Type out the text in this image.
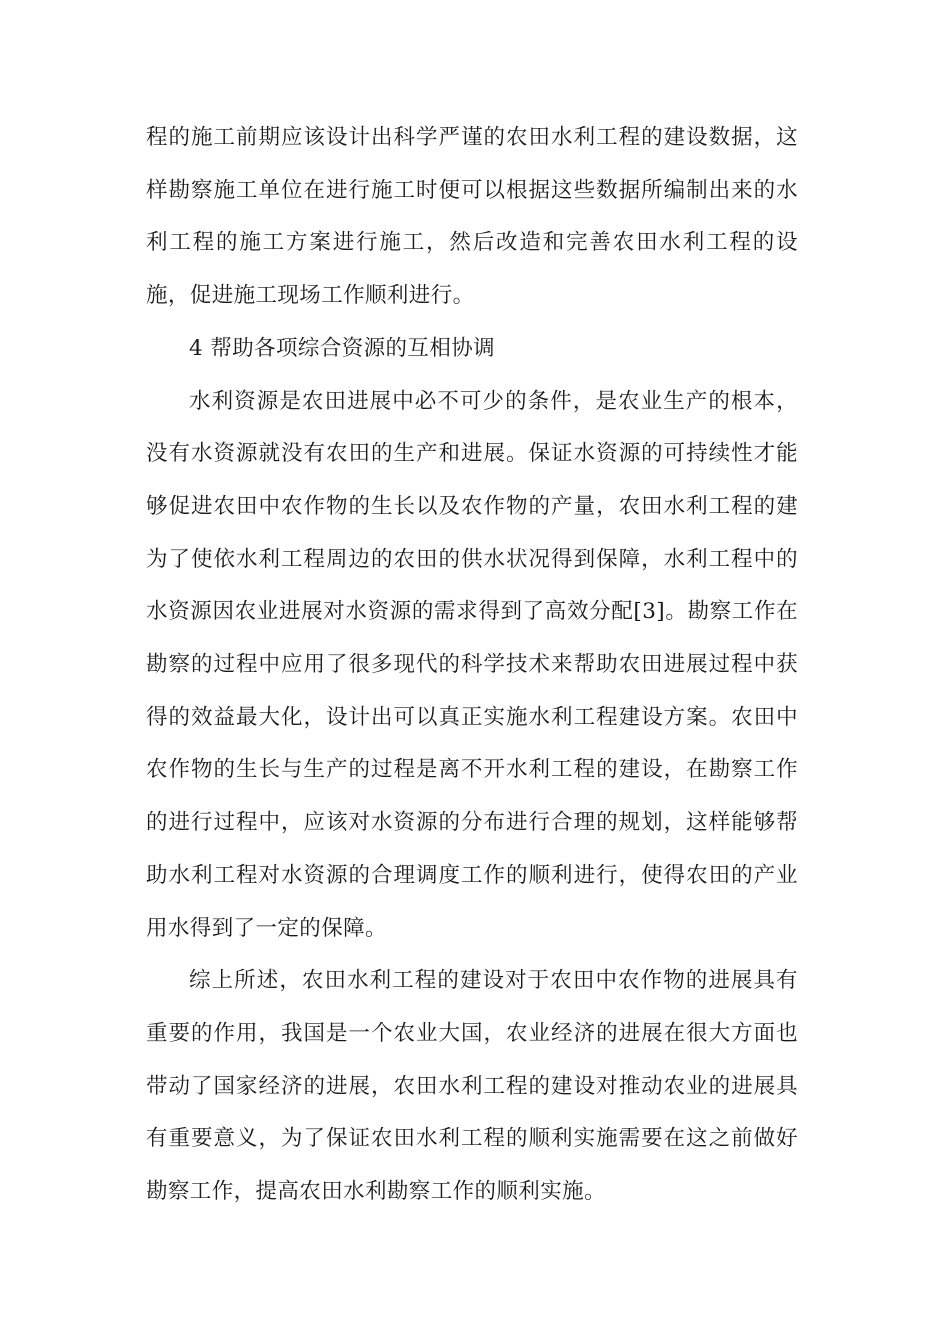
程的施工前期应该设计出科学严谨的农田水利工程的建设数据，这样勘察施工单位在进行施工时便可以根据这些数据所编制出来的水利工程的施工方案进行施工，然后改造和完善农田水利工程的设施，促进施工现场工作顺利进行。

4 帮助各项综合资源的互相协调

水利资源是农田进展中必不可少的条件，是农业生产的根本，没有水资源就没有农田的生产和进展。保证水资源的可持续性才能够促进农田中农作物的生长以及农作物的产量，农田水利工程的建为了使依水利工程周边的农田的供水状况得到保障，水利工程中的水资源因农业进展对水资源的需求得到了高效分配[3]。勘察工作在勘察的过程中应用了很多现代的科学技术来帮助农田进展过程中获得的效益最大化，设计出可以真正实施水利工程建设方案。农田中农作物的生长与生产的过程是离不开水利工程的建设，在勘察工作的进行过程中，应该对水资源的分布进行合理的规划，这样能够帮助水利工程对水资源的合理调度工作的顺利进行，使得农田的产业用水得到了一定的保障。

综上所述，农田水利工程的建设对于农田中农作物的进展具有重要的作用，我国是一个农业大国，农业经济的进展在很大方面也带动了国家经济的进展，农田水利工程的建设对推动农业的进展具有重要意义，为了保证农田水利工程的顺利实施需要在这之前做好勘察工作，提高农田水利勘察工作的顺利实施。
